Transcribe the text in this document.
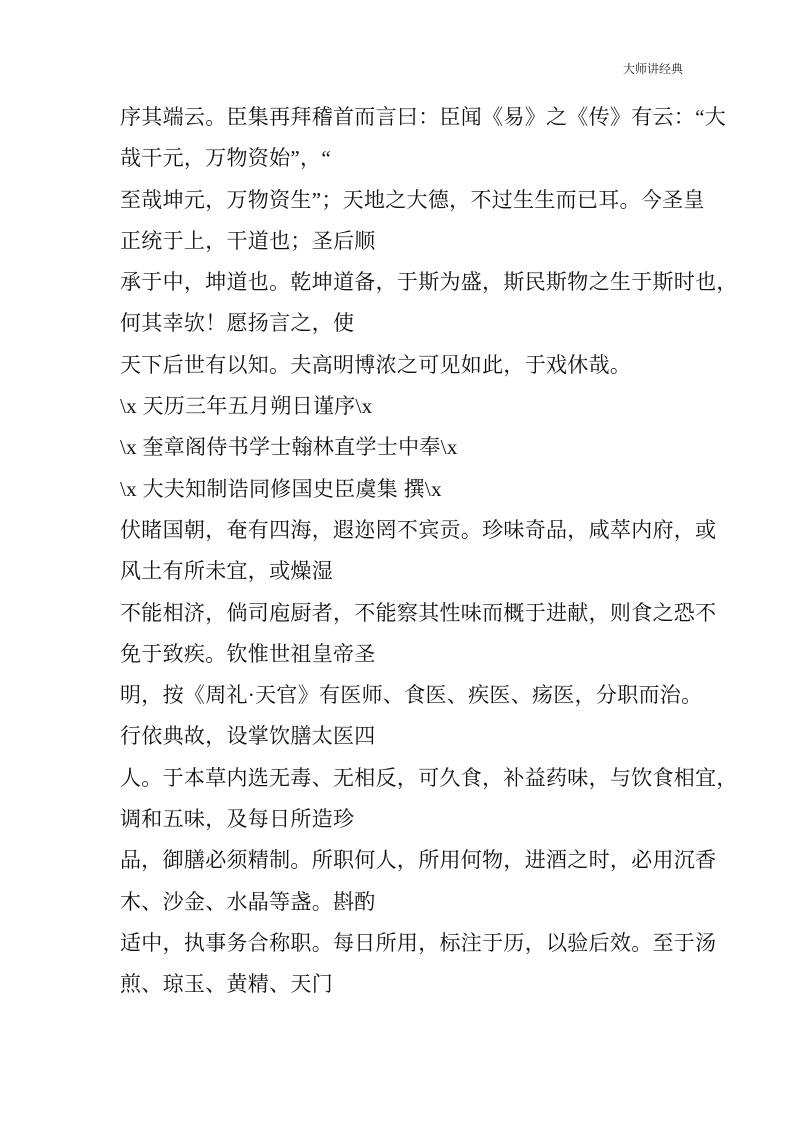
大师讲经典
序其端云。臣集再拜稽首而言曰：臣闻《易》之《传》有云：“大
哉干元，万物资始”，“
至哉坤元，万物资生”；天地之大德，不过生生而已耳。今圣皇
正统于上，干道也；圣后顺
承于中，坤道也。乾坤道备，于斯为盛，斯民斯物之生于斯时也，
何其幸欤！愿扬言之，使
天下后世有以知。夫高明博浓之可见如此，于戏休哉。
\x 天历三年五月朔日谨序\x
\x 奎章阁侍书学士翰林直学士中奉\x
\x 大夫知制诰同修国史臣虞集 撰\x
伏睹国朝，奄有四海，遐迩罔不宾贡。珍味奇品，咸萃内府，或
风土有所未宜，或燥湿
不能相济，倘司庖厨者，不能察其性味而概于进献，则食之恐不
免于致疾。钦惟世祖皇帝圣
明，按《周礼·天官》有医师、食医、疾医、疡医，分职而治。
行依典故，设掌饮膳太医四
人。于本草内选无毒、无相反，可久食，补益药味，与饮食相宜，
调和五味，及每日所造珍
品，御膳必须精制。所职何人，所用何物，进酒之时，必用沉香
木、沙金、水晶等盏。斟酌
适中，执事务合称职。每日所用，标注于历，以验后效。至于汤
煎、琼玉、黄精、天门
